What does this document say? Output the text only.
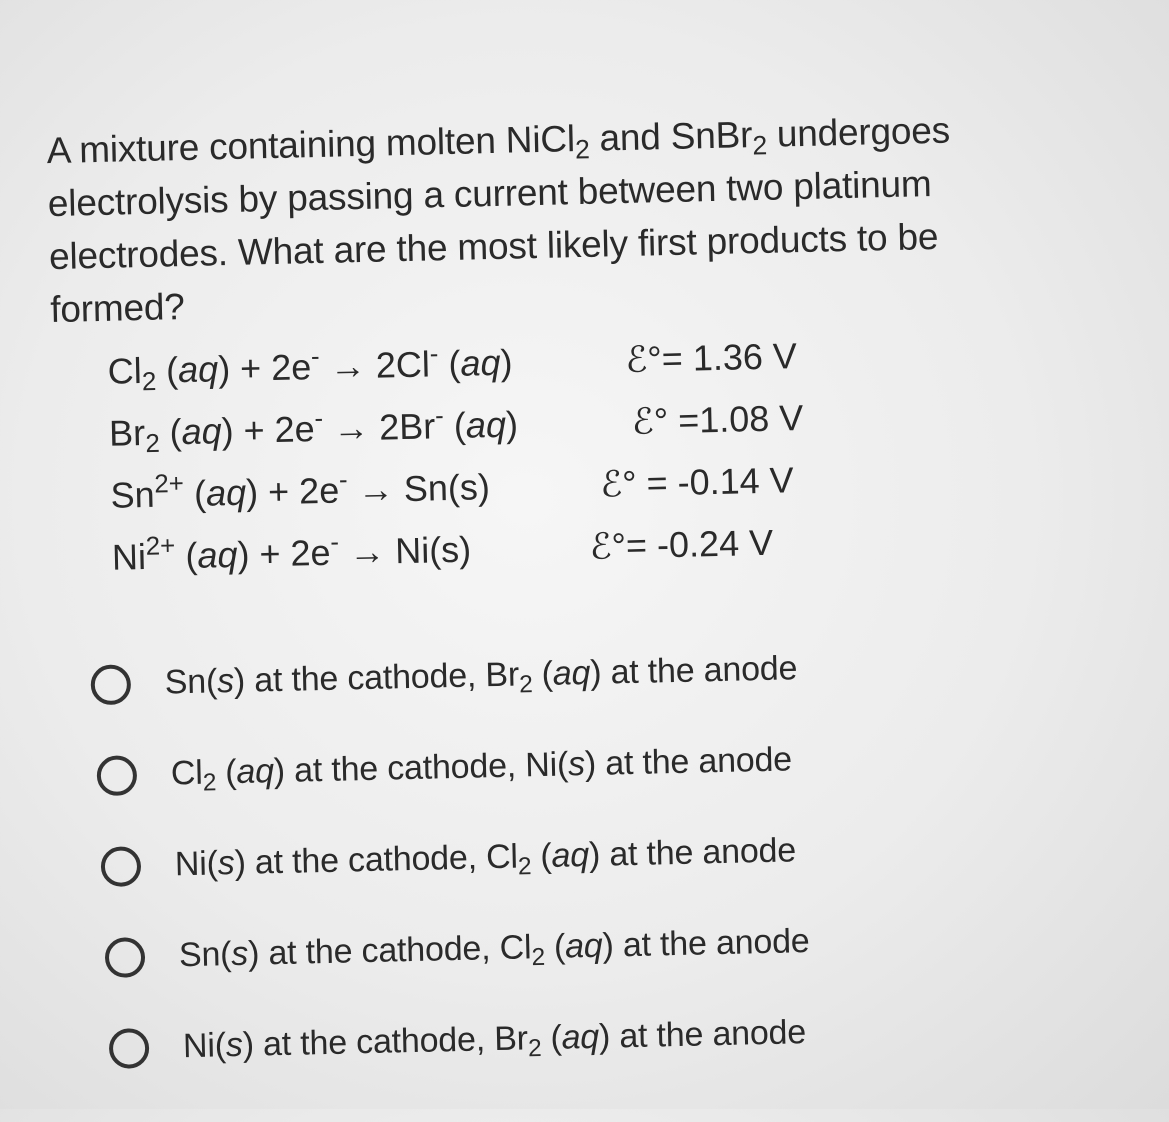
A mixture containing molten NiCl$_2$ and SnBr$_2$ undergoes

electrolysis by passing a current between two platinum

electrodes. What are the most likely first products to be

formed?

$Cl_2$ (aq) + 2e- → 2Cl- (aq)	ℰ°= 1.36 V
$Br_2$ (aq) + 2e- → 2Br- (aq)	ℰ° =1.08 V
$Sn^{2+}$ (aq) + 2e- → Sn(s)	ℰ° = -0.14 V
$Ni^{2+}$ (aq) + 2e- → Ni(s)	ℰ°= -0.24 V
Sn(s) at the cathode, $Br_2$ (aq) at the anode
$Cl_2$ (aq) at the cathode, Ni(s) at the anode
Ni(s) at the cathode, $Cl_2$ (aq) at the anode
Sn(s) at the cathode, $Cl_2$ (aq) at the anode
Ni(s) at the cathode, $Br_2$ (aq) at the anode
